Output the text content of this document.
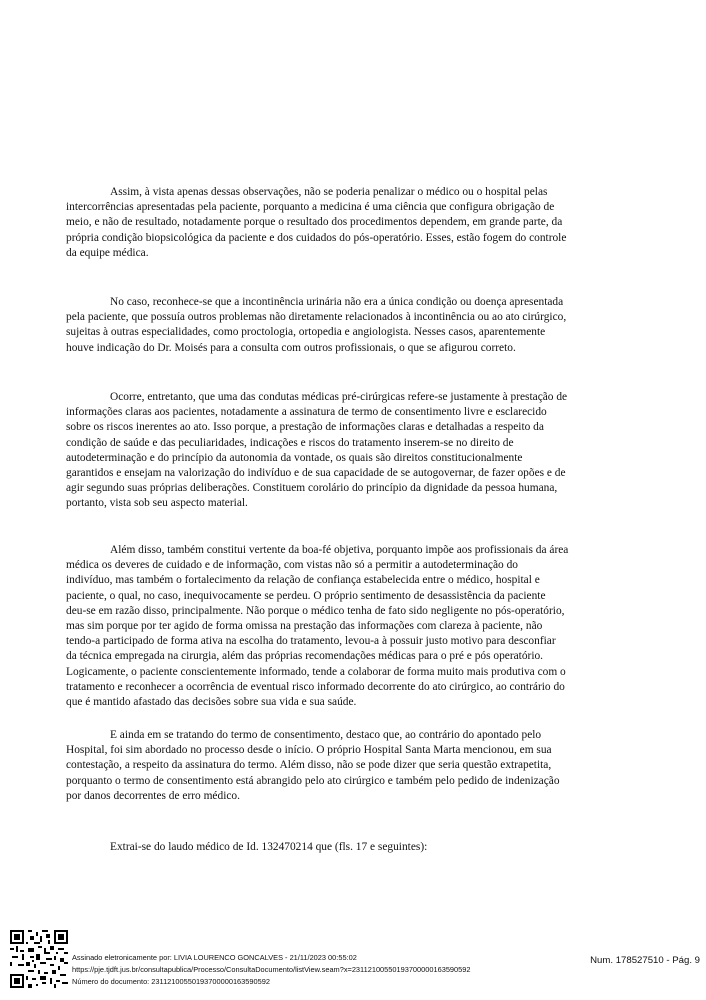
Assim, à vista apenas dessas observações, não se poderia penalizar o médico ou o hospital pelas
intercorrências apresentadas pela paciente, porquanto a medicina é uma ciência que configura obrigação de
meio, e não de resultado, notadamente porque o resultado dos procedimentos dependem, em grande parte, da
própria condição biopsicológica da paciente e dos cuidados do pós-operatório. Esses, estão fogem do controle
da equipe médica.
No caso, reconhece-se que a incontinência urinária não era a única condição ou doença apresentada
pela paciente, que possuía outros problemas não diretamente relacionados à incontinência ou ao ato cirúrgico,
sujeitas à outras especialidades, como proctologia, ortopedia e angiologista. Nesses casos, aparentemente
houve indicação do Dr. Moisés para a consulta com outros profissionais, o que se afigurou correto.
Ocorre, entretanto, que uma das condutas médicas pré-cirúrgicas refere-se justamente à prestação de
informações claras aos pacientes, notadamente a assinatura de termo de consentimento livre e esclarecido
sobre os riscos inerentes ao ato. Isso porque, a prestação de informações claras e detalhadas a respeito da
condição de saúde e das peculiaridades, indicações e riscos do tratamento inserem-se no direito de
autodeterminação e do princípio da autonomia da vontade, os quais são direitos constitucionalmente
garantidos e ensejam na valorização do indivíduo e de sua capacidade de se autogovernar, de fazer opões e de
agir segundo suas próprias deliberações. Constituem corolário do princípio da dignidade da pessoa humana,
portanto, vista sob seu aspecto material.
Além disso, também constitui vertente da boa-fé objetiva, porquanto impõe aos profissionais da área
médica os deveres de cuidado e de informação, com vistas não só a permitir a autodeterminação do
indivíduo, mas também o fortalecimento da relação de confiança estabelecida entre o médico, hospital e
paciente, o qual, no caso, inequivocamente se perdeu. O próprio sentimento de desassistência da paciente
deu-se em razão disso, principalmente. Não porque o médico tenha de fato sido negligente no pós-operatório,
mas sim porque por ter agido de forma omissa na prestação das informações com clareza à paciente, não
tendo-a participado de forma ativa na escolha do tratamento, levou-a à possuir justo motivo para desconfiar
da técnica empregada na cirurgia, além das próprias recomendações médicas para o pré e pós operatório.
Logicamente, o paciente conscientemente informado, tende a colaborar de forma muito mais produtiva com o
tratamento e reconhecer a ocorrência de eventual risco informado decorrente do ato cirúrgico, ao contrário do
que é mantido afastado das decisões sobre sua vida e sua saúde.
E ainda em se tratando do termo de consentimento, destaco que, ao contrário do apontado pelo
Hospital, foi sim abordado no processo desde o início. O próprio Hospital Santa Marta mencionou, em sua
contestação, a respeito da assinatura do termo. Além disso, não se pode dizer que seria questão extrapetita,
porquanto o termo de consentimento está abrangido pelo ato cirúrgico e também pelo pedido de indenização
por danos decorrentes de erro médico.
Extrai-se do laudo médico de Id. 132470214 que (fls. 17 e seguintes):
Assinado eletronicamente por: LIVIA LOURENCO GONCALVES - 21/11/2023 00:55:02
https://pje.tjdft.jus.br/consultapublica/Processo/ConsultaDocumento/listView.seam?x=23112100550193700000163590592
Número do documento: 23112100550193700000163590592
Num. 178527510 - Pág. 9
